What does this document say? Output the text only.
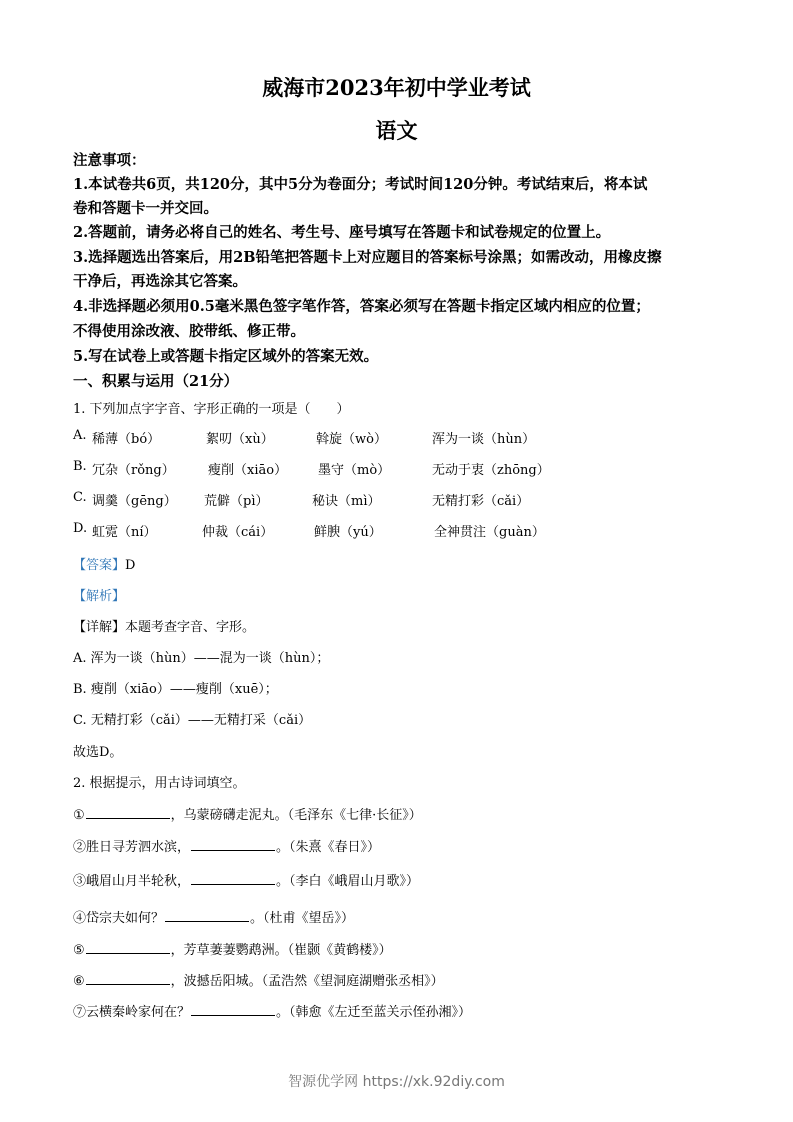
威海市2023年初中学业考试
语文
注意事项：
1.本试卷共6页，共120分，其中5分为卷面分；考试时间120分钟。考试结束后，将本试
卷和答题卡一并交回。
2.答题前，请务必将自己的姓名、考生号、座号填写在答题卡和试卷规定的位置上。
3.选择题选出答案后，用2B铅笔把答题卡上对应题目的答案标号涂黑；如需改动，用橡皮擦
干净后，再选涂其它答案。
4.非选择题必须用0.5毫米黑色签字笔作答，答案必须写在答题卡指定区域内相应的位置；
不得使用涂改液、胶带纸、修正带。
5.写在试卷上或答题卡指定区域外的答案无效。
一、积累与运用（21分）
1. 下列加点字字音、字形正确的一项是（　　）
A. 稀薄（bó）	絮叨（xù）	斡旋（wò）	浑为一谈（hùn）
B. 冗杂（rǒng）	瘦削（xiāo） 墨守（mò）	无动于衷（zhōng）
C. 调羹（gēng） 荒僻（pì）	秘诀（mì）	无精打彩（cǎi）
D. 虹霓（ní）	仲裁（cái）	鲜腴（yú）	全神贯注（guàn）
【答案】D
【解析】
【详解】本题考查字音、字形。
A. 浑为一谈（hùn）——混为一谈（hùn）；
B. 瘦削（xiāo）——瘦削（xuē）；
C. 无精打彩（cǎi）——无精打采（cǎi）
故选D。
2. 根据提示，用古诗词填空。
①	，乌蒙磅礴走泥丸。（毛泽东《七律·长征》）
②胜日寻芳泗水滨，	。（朱熹《春日》）
③峨眉山月半轮秋，	。（李白《峨眉山月歌》）
④岱宗夫如何？	。（杜甫《望岳》）
⑤	，芳草萋萋鹦鹉洲。（崔颢《黄鹤楼》）
⑥	，波撼岳阳城。（孟浩然《望洞庭湖赠张丞相》）
⑦云横秦岭家何在？	。（韩愈《左迁至蓝关示侄孙湘》）
智源优学网 https://xk.92diy.com
